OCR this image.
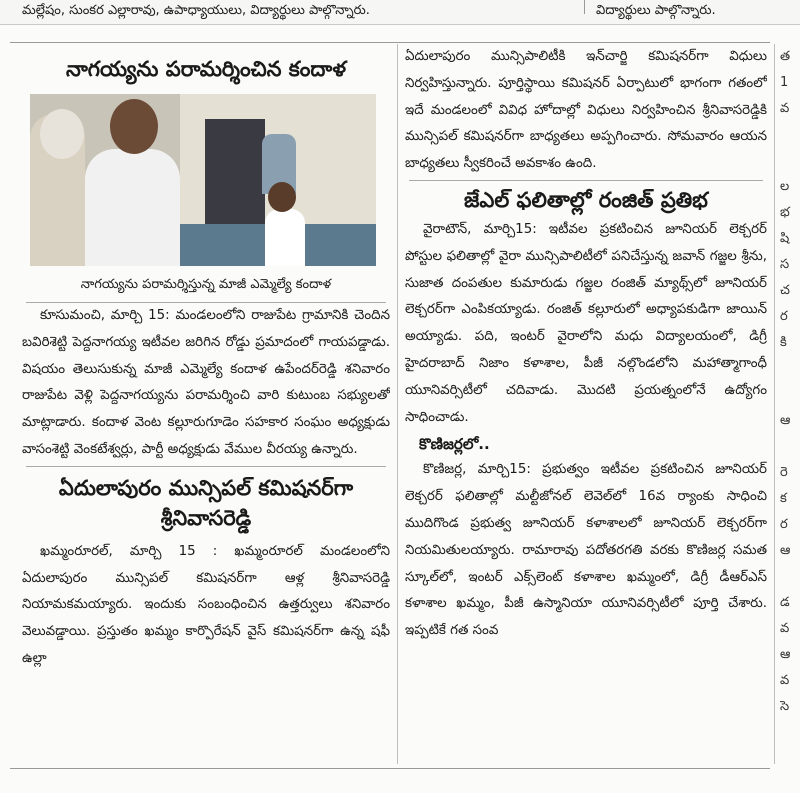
మల్లేషం, సుంకర ఎల్లారావు, ఉపాధ్యాయులు, విద్యార్థులు పాల్గొన్నారు.	విద్యార్థులు పాల్గొన్నారు.
నాగయ్యను పరామర్శించిన కందాళ
నాగయ్యను పరామర్శిస్తున్న మాజీ ఎమ్మెల్యే కందాళ

కూసుమంచి, మార్చి 15: మండలంలోని రాజుపేట గ్రామానికి చెందిన బవిరిశెట్టి పెద్దనాగయ్య ఇటీవల జరిగిన రోడ్డు ప్రమాదంలో గాయపడ్డాడు. విషయం తెలుసుకున్న మాజీ ఎమ్మెల్యే కందాళ ఉపేందర్‌రెడ్డి శనివారం రాజుపేట వెళ్లి పెద్దనాగయ్యను పరామర్శించి వారి కుటుంబ సభ్యులతో మాట్లాడారు. కందాళ వెంట కల్లూరుగూడెం సహకార సంఘం అధ్యక్షుడు వాసంశెట్టి వెంకటేశ్వర్లు, పార్టీ అధ్యక్షుడు వేముల వీరయ్య ఉన్నారు.

ఏదులాపురం మున్సిపల్‌ కమిషనర్‌గా
శ్రీనివాసరెడ్డి

ఖమ్మంరూరల్‌, మార్చి 15 : ఖమ్మంరూరల్‌ మండలంలోని ఏదులాపురం మున్సిపల్‌ కమిషనర్‌గా ఆళ్ల శ్రీనివాసరెడ్డి నియామకమయ్యారు. ఇందుకు సంబంధించిన ఉత్తర్వులు శనివారం వెలువడ్డాయి. ప్రస్తుతం ఖమ్మం కార్పొరేషన్‌ వైస్‌ కమిషనర్‌గా ఉన్న షఫీ ఉల్లా

ఏదులాపురం మున్సిపాలిటీకి ఇన్‌చార్జి కమిషనర్‌గా విధులు నిర్వహిస్తున్నారు. పూర్తిస్థాయి కమిషనర్‌ ఏర్పాటులో భాగంగా గతంలో ఇదే మండలంలో వివిధ హోదాల్లో విధులు నిర్వహించిన శ్రీనివాసరెడ్డికి మున్సిపల్‌ కమిషనర్‌గా బాధ్యతలు అప్పగించారు. సోమవారం ఆయన బాధ్యతలు స్వీకరించే అవకాశం ఉంది.

జేఎల్‌ ఫలితాల్లో రంజిత్‌ ప్రతిభ

వైరాటౌన్‌, మార్చి15: ఇటీవల ప్రకటించిన జూనియర్‌ లెక్చరర్‌ పోస్టుల ఫలితాల్లో వైరా మున్సిపాలిటీలో పనిచేస్తున్న జవాన్‌ గజ్జల శ్రీను, సుజాత దంపతుల కుమారుడు గజ్జల రంజిత్‌ మ్యాథ్స్‌లో జూనియర్‌ లెక్చరర్‌గా ఎంపికయ్యాడు. రంజిత్‌ కల్లూరులో అధ్యాపకుడిగా జాయిన్‌ అయ్యాడు. పది, ఇంటర్‌ వైరాలోని మధు విద్యాలయంలో, డిగ్రీ హైదరాబాద్‌ నిజాం కళాశాల, పీజీ నల్గొండలోని మహాత్మాగాంధీ యూనివర్సిటీలో చదివాడు. మొదటి ప్రయత్నంలోనే ఉద్యోగం సాధించాడు.

కొణిజర్లలో..

కొణిజర్ల, మార్చి15: ప్రభుత్వం ఇటీవల ప్రకటించిన జూనియర్‌ లెక్చరర్‌ ఫలితాల్లో మల్టీజోనల్‌ లెవెల్‌లో 16వ ర్యాంకు సాధించి ముదిగొండ ప్రభుత్వ జూనియర్‌ కళాశాలలో జూనియర్‌ లెక్చరర్‌గా నియమితులయ్యారు. రామారావు పదోతరగతి వరకు కొణిజర్ల సమత స్కూల్‌లో, ఇంటర్‌ ఎక్స్‌లెంట్‌ కళాశాల ఖమ్మంలో, డిగ్రీ డీఆర్‌ఎస్‌ కళాశాల ఖమ్మం, పీజీ ఉస్మానియా యూనివర్సిటీలో పూర్తి చేశారు. ఇప్పటికే గత సంవ

త
1
వ

ల
భ
షి
స
చ
ర
కి

ఆ

రె
క
ర
ఆ

డ
వ
ఆ
వ
సె
